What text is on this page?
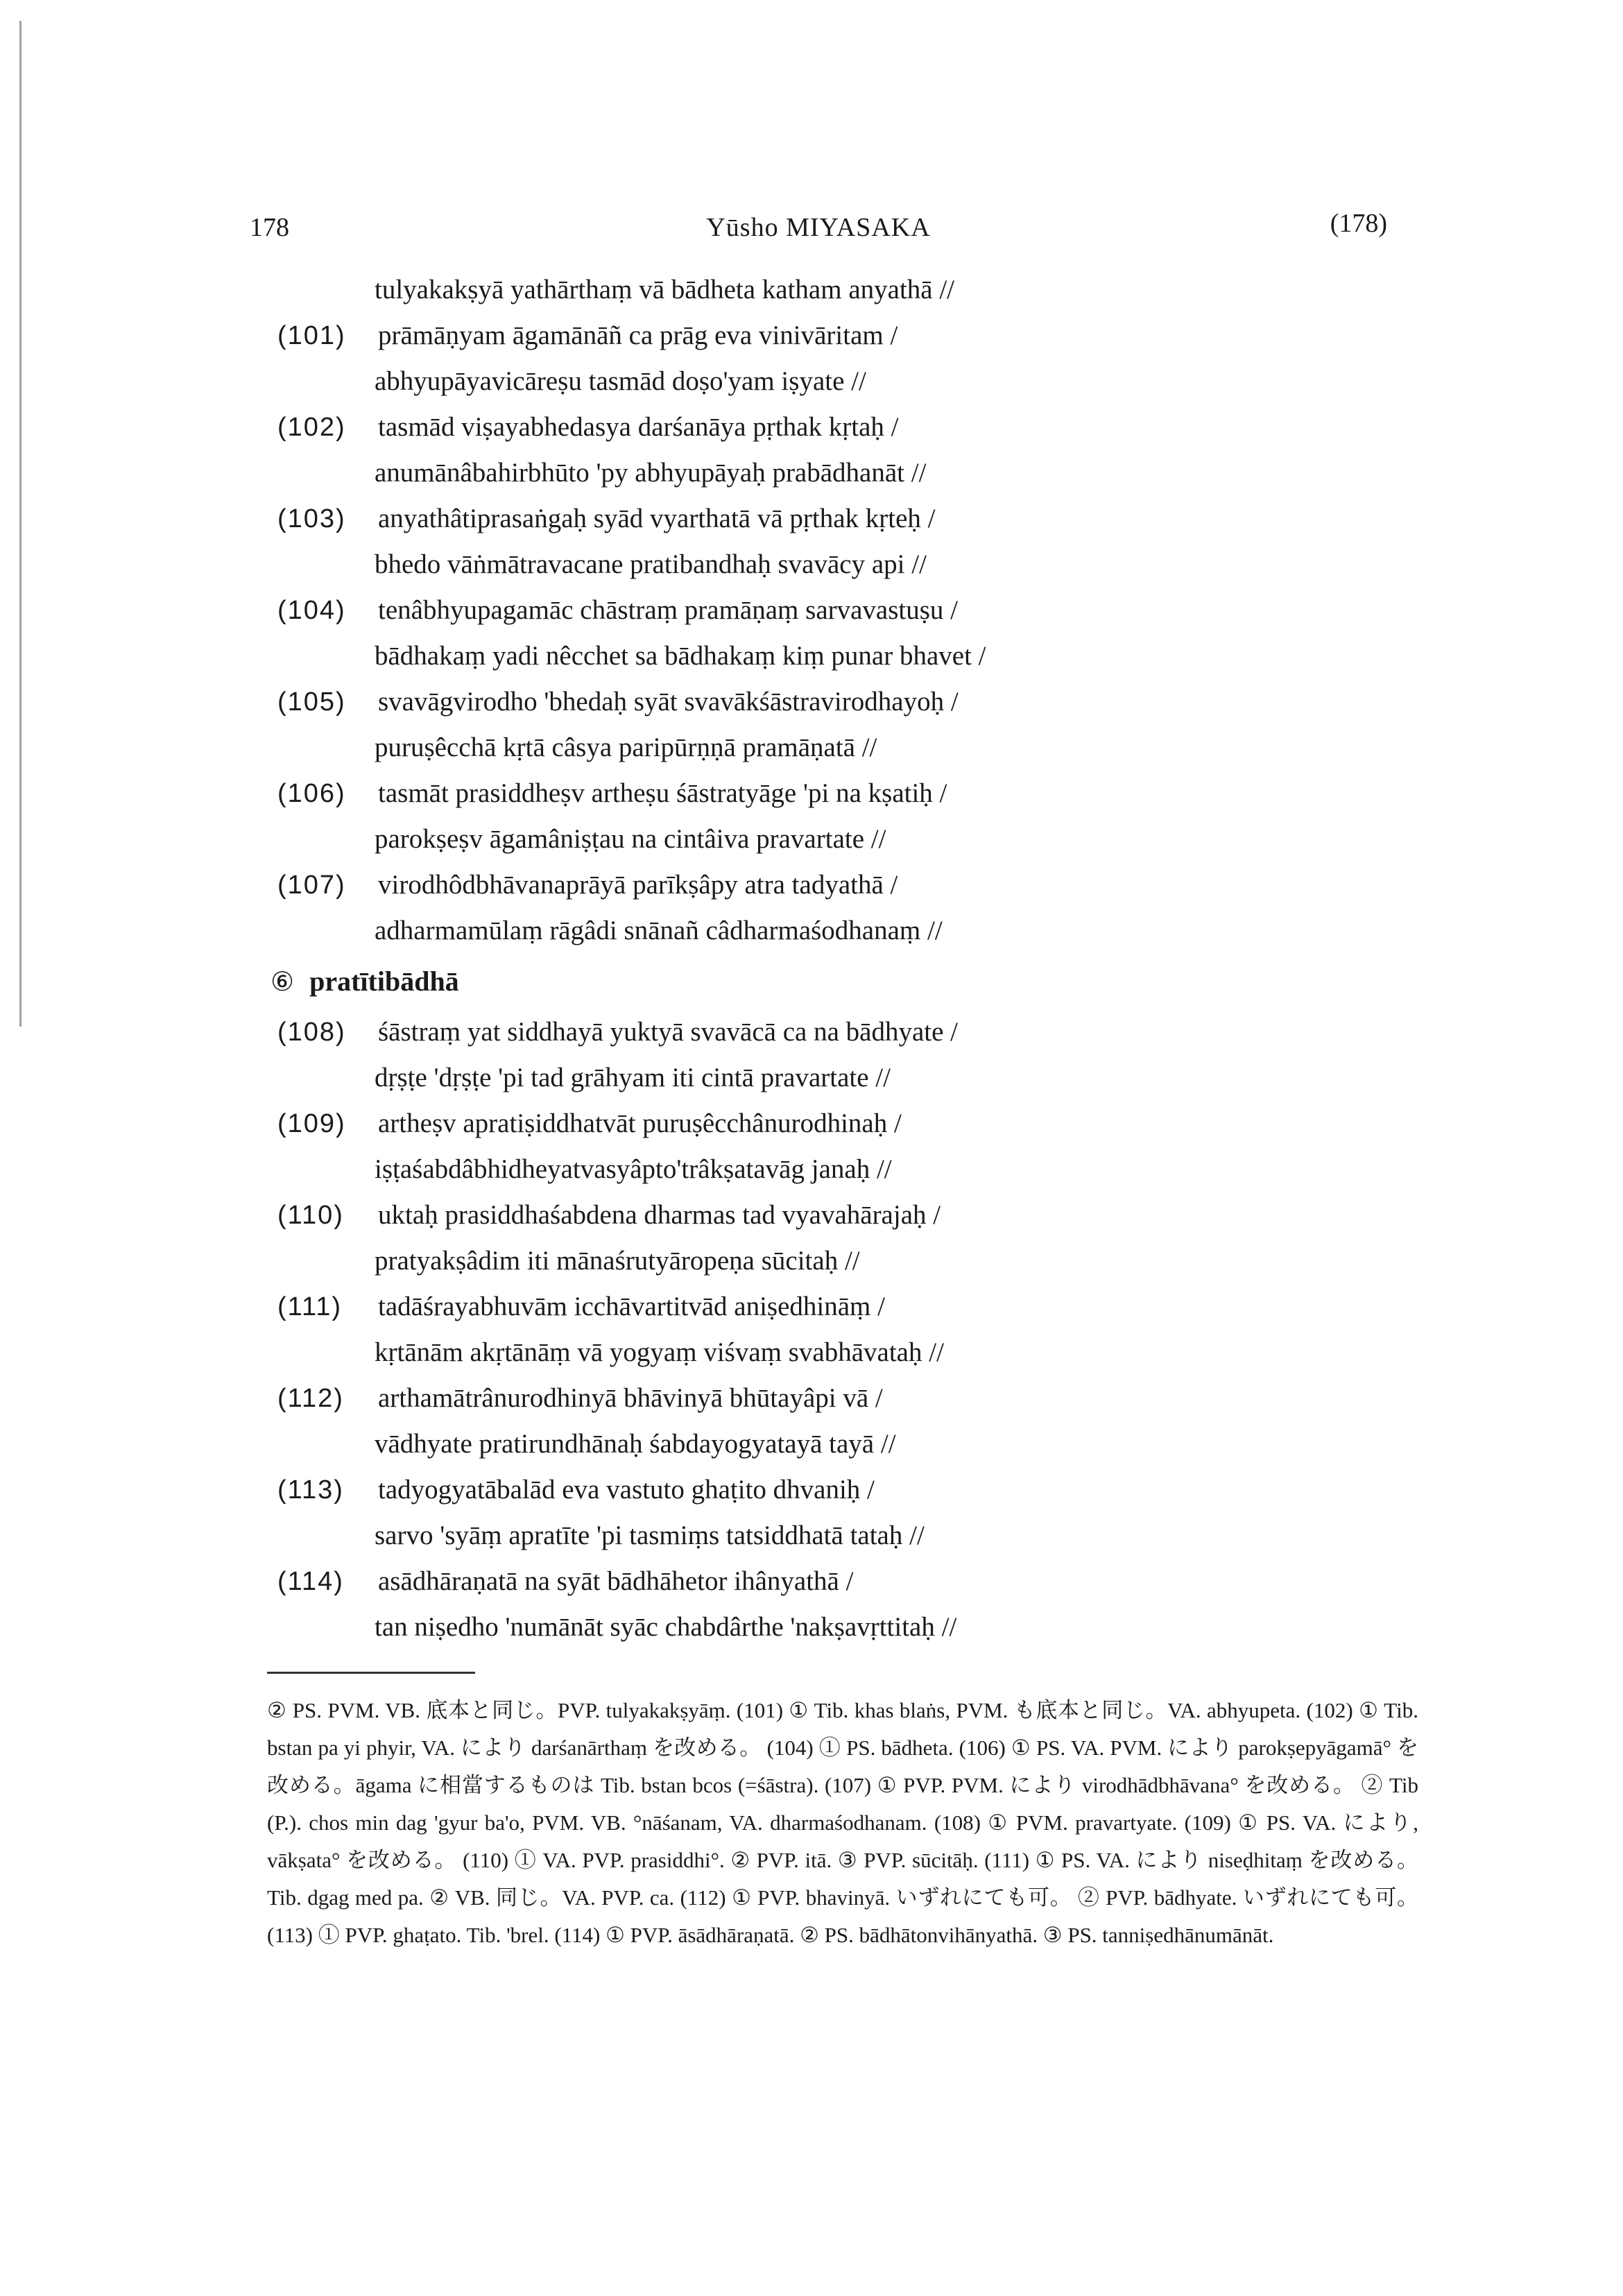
178	Yūsho MIYASAKA	(178)
tulyakakṣyā yathārthaṃ vā bādheta katham anyathā //
(101) prāmāṇyam āgamānāñ ca prāg eva vinivāritam /
abhyupāyavicāreṣu tasmād doṣo'yam iṣyate //
(102) tasmād viṣayabhedasya darśanāya pṛthak kṛtaḥ /
anumānâbahirbhūto 'py abhyupāyaḥ prabādhanāt //
(103) anyathâtiprasaṅgaḥ syād vyarthatā vā pṛthak kṛteḥ /
bhedo vāṅmātravacane pratibandhaḥ svavācy api //
(104) tenâbhyupagamāc chāstraṃ pramāṇaṃ sarvavastuṣu /
bādhakaṃ yadi nêcchet sa bādhakaṃ kiṃ punar bhavet /
(105) svavāgvirodho 'bhedaḥ syāt svavākśāstravirodhayoḥ /
puruṣêcchā kṛtā câsya paripūrṇṇā pramāṇatā //
(106) tasmāt prasiddheṣv artheṣu śāstratyāge 'pi na kṣatiḥ /
parokṣeṣv āgamâniṣṭau na cintâiva pravartate //
(107) virodhôdbhāvanaprāyā parīkṣâpy atra tadyathā /
adharmamūlaṃ rāgâdi snānañ câdharmaśodhanaṃ //
⑥ pratītibādhā
(108) śāstraṃ yat siddhayā yuktyā svavācā ca na bādhyate /
dṛṣṭe 'dṛṣṭe 'pi tad grāhyam iti cintā pravartate //
(109) artheṣv apratiṣiddhatvāt puruṣêcchânurodhinaḥ /
iṣṭaśabdâbhidheyatvasyâpto'trâkṣatavāg janaḥ //
(110) uktaḥ prasiddhaśabdena dharmas tad vyavahārajaḥ /
pratyakṣâdim iti mānaśrutyāropeṇa sūcitaḥ //
(111) tadāśrayabhuvām icchāvartitvād aniṣedhināṃ /
kṛtānām akṛtānāṃ vā yogyaṃ viśvaṃ svabhāvataḥ //
(112) arthamātrânurodhinyā bhāvinyā bhūtayâpi vā /
vādhyate pratirundhānaḥ śabdayogyatayā tayā //
(113) tadyogyatābalād eva vastuto ghaṭito dhvaniḥ /
sarvo 'syāṃ apratīte 'pi tasmiṃs tatsiddhatā tataḥ //
(114) asādhāraṇatā na syāt bādhāhetor ihânyathā /
tan niṣedho 'numānāt syāc chabdârthe 'nakṣavṛttitaḥ //
② PS. PVM. VB. 底本と同じ。PVP. tulyakakṣyāṃ. (101) ① Tib. khas blaṅs, PVM. も底本と同じ。VA. abhyupeta. (102) ① Tib. bstan pa yi phyir, VA. により darśanārthaṃ を改める。 (104) ① PS. bādheta. (106) ① PS. VA. PVM. により parokṣepyāgamā° を改める。āgama に相當するものは Tib. bstan bcos (=śāstra). (107) ① PVP. PVM. により virodhādbhāvana° を改める。 ② Tib (P.). chos min dag 'gyur ba'o, PVM. VB. °nāśanam, VA. dharmaśodhanam. (108) ① PVM. pravartyate. (109) ① PS. VA. により, vākṣata° を改める。 (110) ① VA. PVP. prasiddhi°. ② PVP. itā. ③ PVP. sūcitāḥ. (111) ① PS. VA. により niseḍhitaṃ を改める。Tib. dgag med pa. ② VB. 同じ。VA. PVP. ca. (112) ① PVP. bhavinyā. いずれにても可。 ② PVP. bādhyate. いずれにても可。 (113) ① PVP. ghaṭato. Tib. 'brel. (114) ① PVP. āsādhāraṇatā. ② PS. bādhātonvihānyathā. ③ PS. tanniṣedhānumānāt.
